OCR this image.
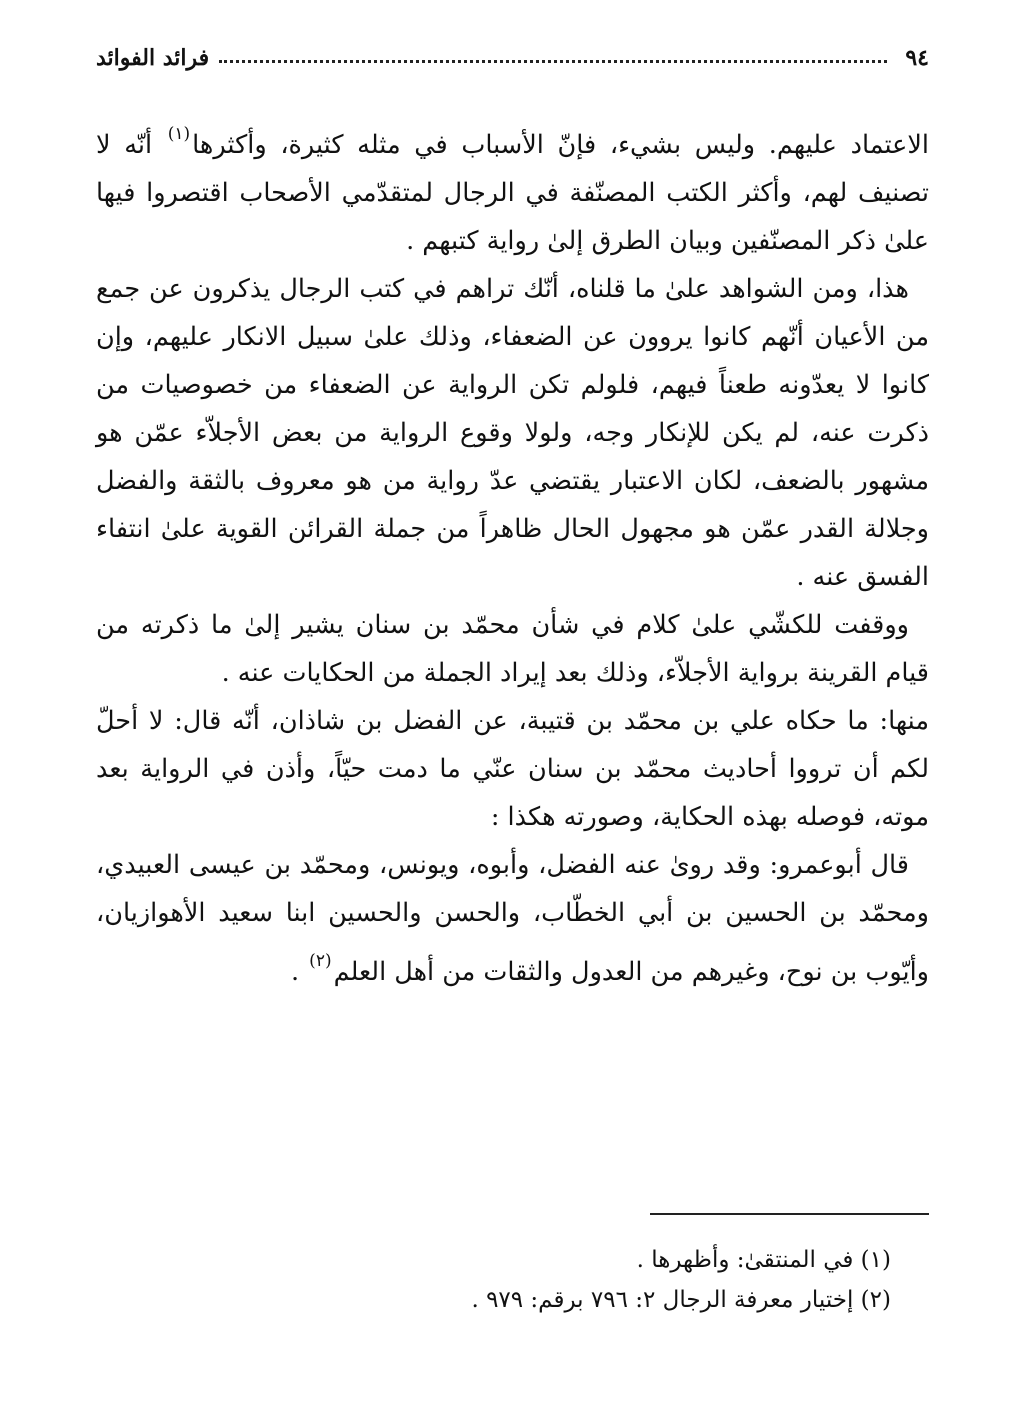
٩٤
فرائد الفوائد

الاعتماد عليهم. وليس بشيء، فإنّ الأسباب في مثله كثيرة، وأكثرها$^{(١)}$ أنّه لا تصنيف لهم، وأكثر الكتب المصنّفة في الرجال لمتقدّمي الأصحاب اقتصروا فيها علىٰ ذكر المصنّفين وبيان الطرق إلىٰ رواية كتبهم .

هذا، ومن الشواهد علىٰ ما قلناه، أنّك تراهم في كتب الرجال يذكرون عن جمع من الأعيان أنّهم كانوا يروون عن الضعفاء، وذلك علىٰ سبيل الانكار عليهم، وإن كانوا لا يعدّونه طعناً فيهم، فلولم تكن الرواية عن الضعفاء من خصوصيات من ذكرت عنه، لم يكن للإنكار وجه، ولولا وقوع الرواية من بعض الأجلاّء عمّن هو مشهور بالضعف، لكان الاعتبار يقتضي عدّ رواية من هو معروف بالثقة والفضل وجلالة القدر عمّن هو مجهول الحال ظاهراً من جملة القرائن القوية علىٰ انتفاء الفسق عنه .

ووقفت للكشّي علىٰ كلام في شأن محمّد بن سنان يشير إلىٰ ما ذكرته من قيام القرينة برواية الأجلاّء، وذلك بعد إيراد الجملة من الحكايات عنه .

منها: ما حكاه علي بن محمّد بن قتيبة، عن الفضل بن شاذان، أنّه قال: لا أحلّ لكم أن ترووا أحاديث محمّد بن سنان عنّي ما دمت حيّاً، وأذن في الرواية بعد موته، فوصله بهذه الحكاية، وصورته هكذا :

قال أبوعمرو: وقد روىٰ عنه الفضل، وأبوه، ويونس، ومحمّد بن عيسى العبيدي، ومحمّد بن الحسين بن أبي الخطّاب، والحسن والحسين ابنا سعيد الأهوازيان، وأيّوب بن نوح، وغيرهم من العدول والثقات من أهل العلم$^{(٢)}$ .

(١) في المنتقىٰ: وأظهرها .

(٢) إختيار معرفة الرجال ٢: ٧٩٦ برقم: ٩٧٩ .
